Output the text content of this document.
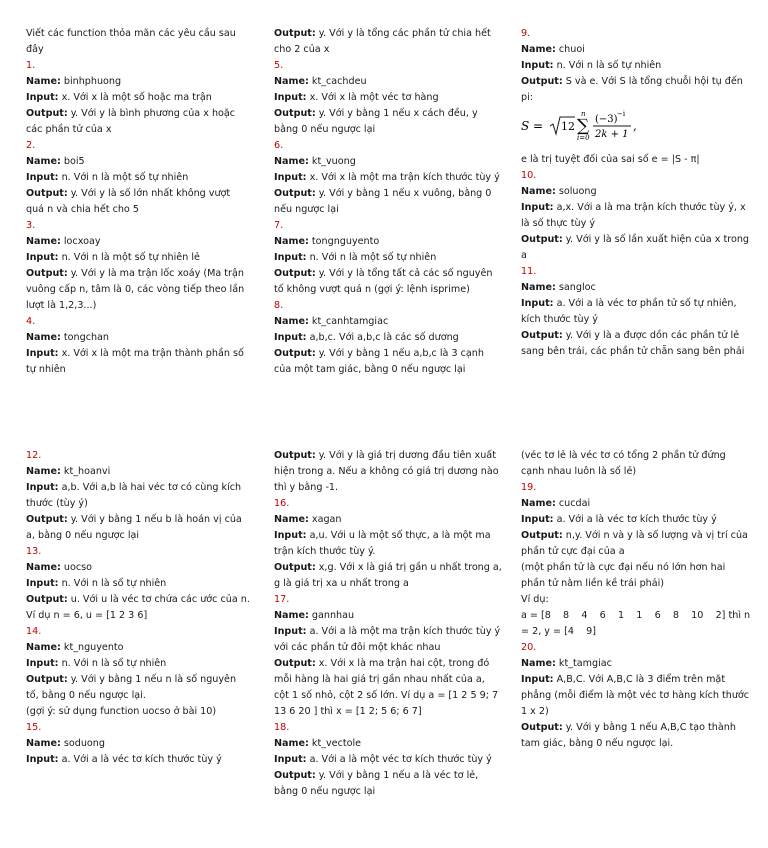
Viết các function thỏa mãn các yêu cầu sau đây

1.

Name: binhphuong

Input: x. Với x là một số hoặc ma trận

Output: y. Với y là bình phương của x hoặc các phần tử của x

2.

Name: boi5

Input: n. Với n là một số tự nhiên

Output: y. Với y là số lớn nhất không vượt quá n và chia hết cho 5

3.

Name: locxoay

Input: n. Với n là một số tự nhiên lẻ

Output: y. Với y là ma trận lốc xoáy (Ma trận vuông cấp n, tâm là 0, các vòng tiếp theo lần lượt là 1,2,3...)

4.

Name: tongchan

Input: x. Với x là một ma trận thành phần số tự nhiên

Output: y. Với y là tổng các phần tử chia hết cho 2 của x

5.

Name: kt_cachdeu

Input: x. Với x là một véc tơ hàng

Output: y. Với y bằng 1 nếu x cách đều, y bằng 0 nếu ngược lại

6.

Name: kt_vuong

Input: x. Với x là một ma trận kích thước tùy ý

Output: y. Với y bằng 1 nếu x vuông, bằng 0 nếu ngược lại

7.

Name: tongnguyento

Input: n. Với n là một số tự nhiên

Output: y. Với y là tổng tất cả các số nguyên tố không vượt quá n (gợi ý: lệnh isprime)

8.

Name: kt_canhtamgiac

Input: a,b,c. Với a,b,c là các số dương

Output: y. Với y bằng 1 nếu a,b,c là 3 cạnh của một tam giác, bằng 0 nếu ngược lại

9.

Name: chuoi

Input: n. Với n là số tự nhiên

Output: S và e. Với S là tổng chuỗi hội tụ đến pi:

S = 12 ∑
n
i=0
(−3) −i
2k + 1
,

e là trị tuyệt đối của sai số e = |S - π|

10.

Name: soluong

Input: a,x. Với a là ma trận kích thước tùy ý, x là số thực tùy ý

Output: y. Với y là số lần xuất hiện của x trong a

11.

Name: sangloc

Input: a. Với a là véc tơ phần tử số tự nhiên, kích thước tùy ý

Output: y. Với y là a được dồn các phần tử lẻ sang bên trái, các phần tử chẵn sang bên phải

12.

Name: kt_hoanvi

Input: a,b. Với a,b là hai véc tơ có cùng kích thước (tùy ý)

Output: y. Với y bằng 1 nếu b là hoán vị của a, bằng 0 nếu ngược lại

13.

Name: uocso

Input: n. Với n là số tự nhiên

Output: u. Với u là véc tơ chứa các ước của n. Ví dụ n = 6, u = [1 2 3 6]

14.

Name: kt_nguyento

Input: n. Với n là số tự nhiên

Output: y. Với y bằng 1 nếu n là số nguyên tố, bằng 0 nếu ngược lại.

(gợi ý: sử dụng function uocso ở bài 10)

15.

Name: soduong

Input: a. Với a là véc tơ kích thước tùy ý

Output: y. Với y là giá trị dương đầu tiên xuất hiện trong a. Nếu a không có giá trị dương nào thì y bằng -1.

16.

Name: xagan

Input: a,u. Với u là một số thực, a là một ma trận kích thước tùy ý.

Output: x,g. Với x là giá trị gần u nhất trong a, g là giá trị xa u nhất trong a

17.

Name: gannhau

Input: a. Với a là một ma trận kích thước tùy ý với các phần tử đôi một khác nhau

Output: x. Với x là ma trận hai cột, trong đó mỗi hàng là hai giá trị gần nhau nhất của a, cột 1 số nhỏ, cột 2 số lớn. Ví dụ a = [1 2 5 9; 7 13 6 20 ] thì x = [1 2; 5 6; 6 7]

18.

Name: kt_vectole

Input: a. Với a là một véc tơ kích thước tùy ý

Output: y. Với y bằng 1 nếu a là véc tơ lẻ, bằng 0 nếu ngược lại

(véc tơ lẻ là véc tơ có tổng 2 phần tử đứng cạnh nhau luôn là số lẻ)

19.

Name: cucdai

Input: a. Với a là véc tơ kích thước tùy ý

Output: n,y. Với n và y là số lượng và vị trí của phần tử cực đại của a

(một phần tử là cực đại nếu nó lớn hơn hai phần tử nằm liền kề trái phải)

Ví dụ:

a = [8    8    4    6    1    1    6    8    10    2] thì n = 2, y = [4    9]

20.

Name: kt_tamgiac

Input: A,B,C. Với A,B,C là 3 điểm trên mặt phẳng (mỗi điểm là một véc tơ hàng kích thước 1 x 2)

Output: y. Với y bằng 1 nếu A,B,C tạo thành tam giác, bằng 0 nếu ngược lại.
